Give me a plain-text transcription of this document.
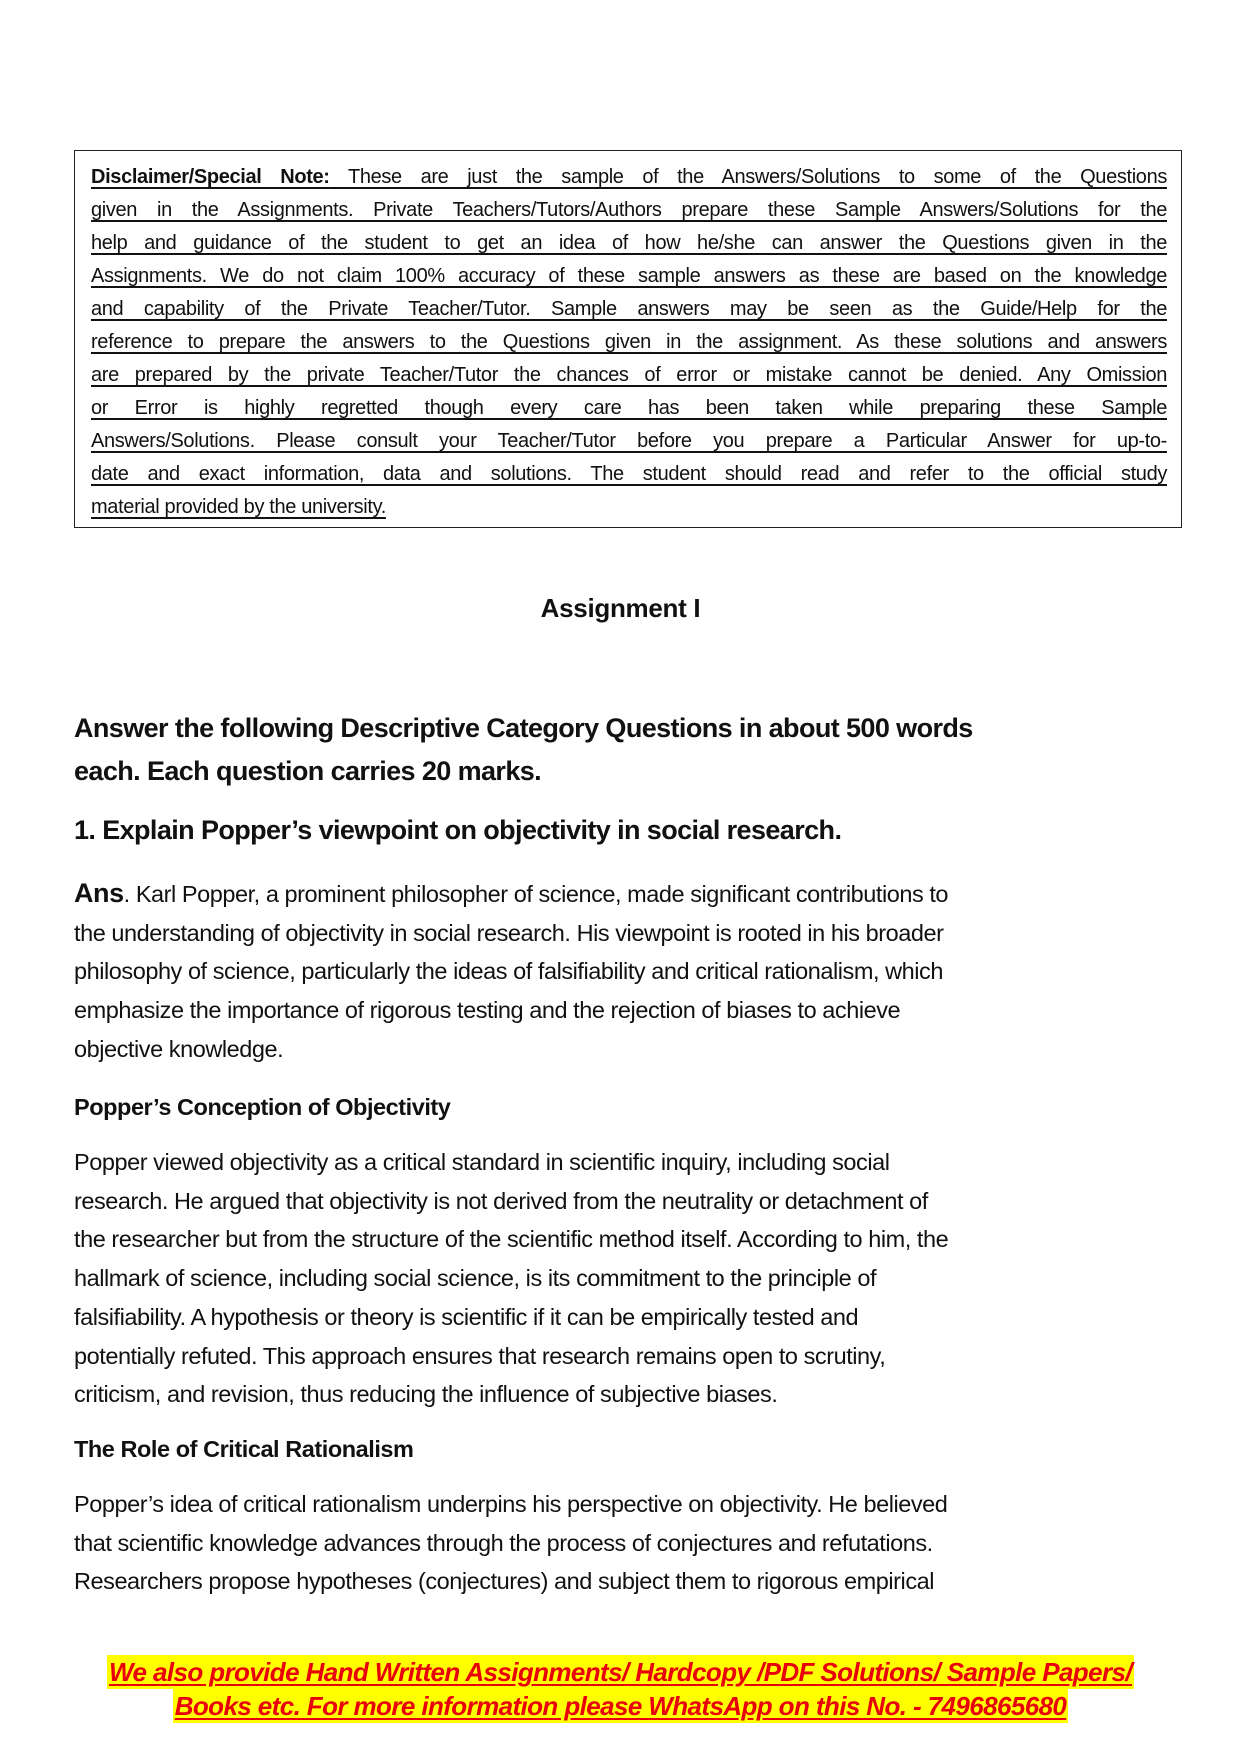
Disclaimer/Special Note: These are just the sample of the Answers/Solutions to some of the Questions
given in the Assignments. Private Teachers/Tutors/Authors prepare these Sample Answers/Solutions for the
help and guidance of the student to get an idea of how he/she can answer the Questions given in the
Assignments. We do not claim 100% accuracy of these sample answers as these are based on the knowledge
and capability of the Private Teacher/Tutor. Sample answers may be seen as the Guide/Help for the
reference to prepare the answers to the Questions given in the assignment. As these solutions and answers
are prepared by the private Teacher/Tutor the chances of error or mistake cannot be denied. Any Omission
or Error is highly regretted though every care has been taken while preparing these Sample
Answers/Solutions. Please consult your Teacher/Tutor before you prepare a Particular Answer for up-to-
date and exact information, data and solutions. The student should read and refer to the official study
material provided by the university.
Assignment I
Answer the following Descriptive Category Questions in about 500 words
each. Each question carries 20 marks.
1. Explain Popper’s viewpoint on objectivity in social research.
Ans. Karl Popper, a prominent philosopher of science, made significant contributions to
the understanding of objectivity in social research. His viewpoint is rooted in his broader
philosophy of science, particularly the ideas of falsifiability and critical rationalism, which
emphasize the importance of rigorous testing and the rejection of biases to achieve
objective knowledge.
Popper’s Conception of Objectivity
Popper viewed objectivity as a critical standard in scientific inquiry, including social
research. He argued that objectivity is not derived from the neutrality or detachment of
the researcher but from the structure of the scientific method itself. According to him, the
hallmark of science, including social science, is its commitment to the principle of
falsifiability. A hypothesis or theory is scientific if it can be empirically tested and
potentially refuted. This approach ensures that research remains open to scrutiny,
criticism, and revision, thus reducing the influence of subjective biases.
The Role of Critical Rationalism
Popper’s idea of critical rationalism underpins his perspective on objectivity. He believed
that scientific knowledge advances through the process of conjectures and refutations.
Researchers propose hypotheses (conjectures) and subject them to rigorous empirical
We also provide Hand Written Assignments/ Hardcopy /PDF Solutions/ Sample Papers/
Books etc. For more information please WhatsApp on this No. - 7496865680
